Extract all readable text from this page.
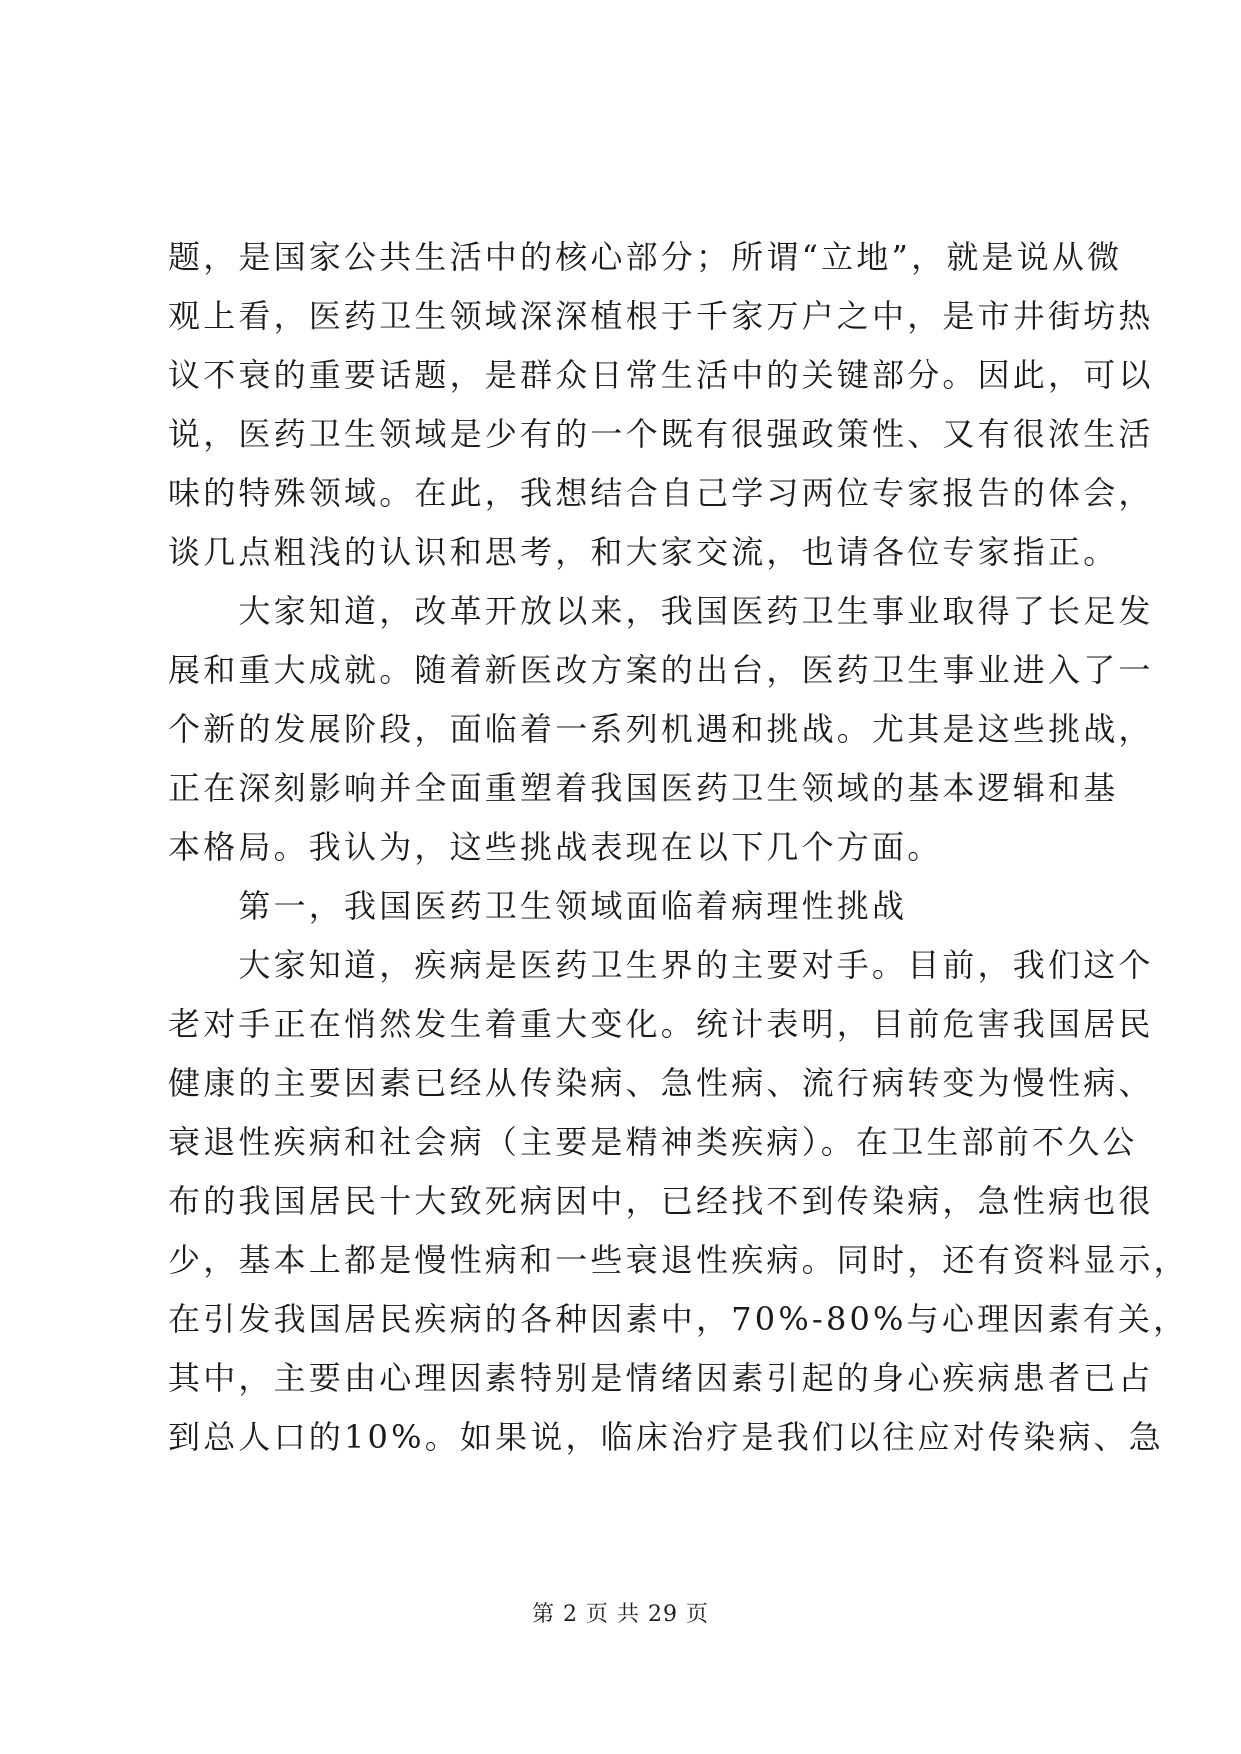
题，是国家公共生活中的核心部分；所谓“立地”，就是说从微
观上看，医药卫生领域深深植根于千家万户之中，是市井街坊热
议不衰的重要话题，是群众日常生活中的关键部分。因此，可以
说，医药卫生领域是少有的一个既有很强政策性、又有很浓生活
味的特殊领域。在此，我想结合自己学习两位专家报告的体会，
谈几点粗浅的认识和思考，和大家交流，也请各位专家指正。
　　大家知道，改革开放以来，我国医药卫生事业取得了长足发
展和重大成就。随着新医改方案的出台，医药卫生事业进入了一
个新的发展阶段，面临着一系列机遇和挑战。尤其是这些挑战，
正在深刻影响并全面重塑着我国医药卫生领域的基本逻辑和基
本格局。我认为，这些挑战表现在以下几个方面。
　　第一，我国医药卫生领域面临着病理性挑战
　　大家知道，疾病是医药卫生界的主要对手。目前，我们这个
老对手正在悄然发生着重大变化。统计表明，目前危害我国居民
健康的主要因素已经从传染病、急性病、流行病转变为慢性病、
衰退性疾病和社会病（主要是精神类疾病）。在卫生部前不久公
布的我国居民十大致死病因中，已经找不到传染病，急性病也很
少，基本上都是慢性病和一些衰退性疾病。同时，还有资料显示，
在引发我国居民疾病的各种因素中，70%-80%与心理因素有关，
其中，主要由心理因素特别是情绪因素引起的身心疾病患者已占
到总人口的10%。如果说，临床治疗是我们以往应对传染病、急
第 2 页 共 29 页
